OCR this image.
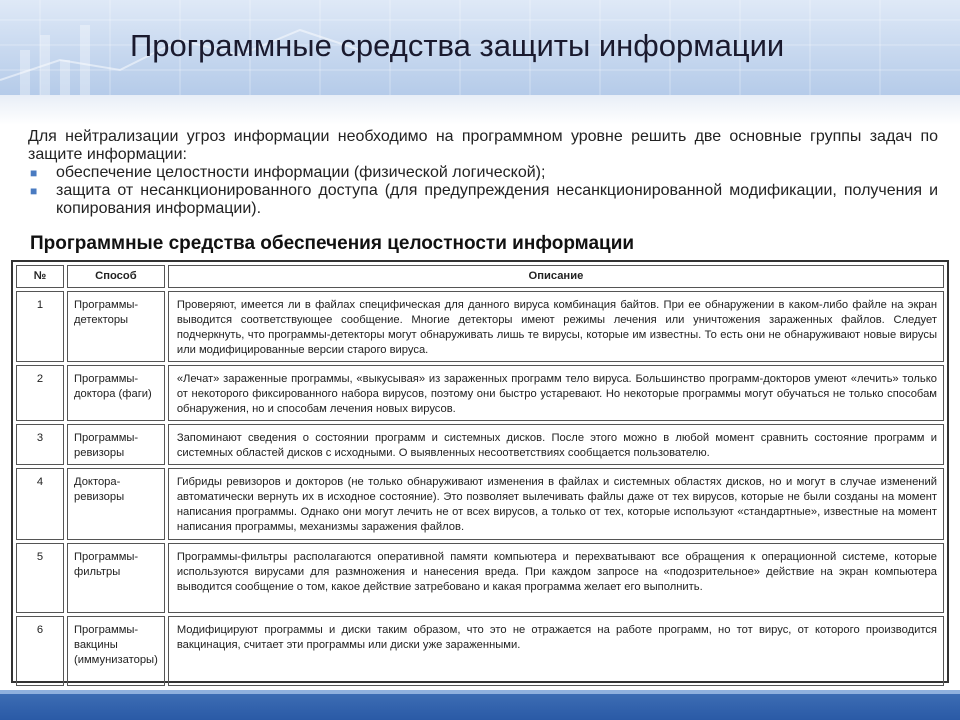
Программные средства защиты информации

Для нейтрализации угроз информации необходимо на программном уровне решить две основные группы задач по защите информации:

■ обеспечение целостности информации (физической логической);

■ защита от несанкционированного доступа (для предупреждения несанкционированной модификации, получения и копирования информации).

Программные средства обеспечения целостности информации
№	Способ	Описание
1	Программы-детекторы	Проверяют, имеется ли в файлах специфическая для данного вируса комбинация байтов. При ее обнаружении в каком-либо файле на экран выводится соответствующее сообщение. Многие детекторы имеют режимы лечения или уничтожения зараженных файлов. Следует подчеркнуть, что программы-детекторы могут обнаруживать лишь те вирусы, которые им известны. То есть они не обнаруживают новые вирусы или модифицированные версии старого вируса.
2	Программы-доктора (фаги)	«Лечат» зараженные программы, «выкусывая» из зараженных программ тело вируса. Большинство программ-докторов умеют «лечить» только от некоторого фиксированного набора вирусов, поэтому они быстро устаревают. Но некоторые программы могут обучаться не только способам обнаружения, но и способам лечения новых вирусов.
3	Программы-ревизоры	Запоминают сведения о состоянии программ и системных дисков. После этого можно в любой момент сравнить состояние программ и системных областей дисков с исходными. О выявленных несоответствиях сообщается пользователю.
4	Доктора-ревизоры	Гибриды ревизоров и докторов (не только обнаруживают изменения в файлах и системных областях дисков, но и могут в случае изменений автоматически вернуть их в исходное состояние). Это позволяет вылечивать файлы даже от тех вирусов, которые не были созданы на момент написания программы. Однако они могут лечить не от всех вирусов, а только от тех, которые используют «стандартные», известные на момент написания программы, механизмы заражения файлов.
5	Программы-фильтры	Программы-фильтры располагаются оперативной памяти компьютера и перехватывают все обращения к операционной системе, которые используются вирусами для размножения и нанесения вреда. При каждом запросе на «подозрительное» действие на экран компьютера выводится сообщение о том, какое действие затребовано и какая программа желает его выполнить.
6	Программы-вакцины (иммунизаторы)	Модифицируют программы и диски таким образом, что это не отражается на работе программ, но тот вирус, от которого производится вакцинация, считает эти программы или диски уже зараженными.
